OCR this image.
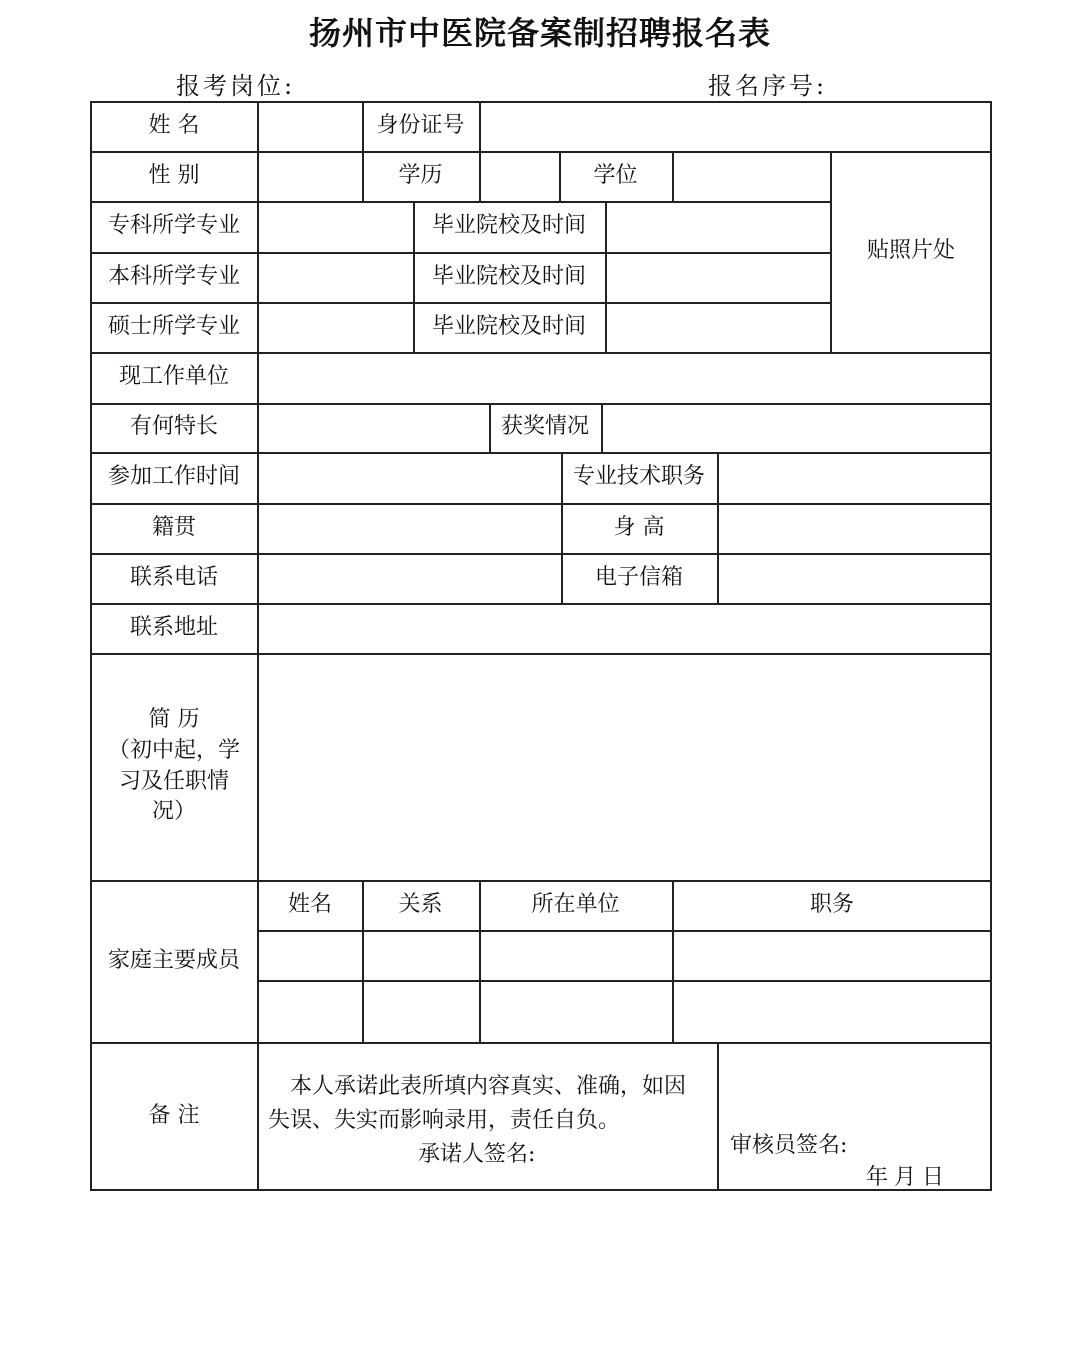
扬州市中医院备案制招聘报名表
报考岗位:	报名序号:
姓 名	身份证号
性 别	学历	学位
贴照片处
专科所学专业	毕业院校及时间
本科所学专业	毕业院校及时间
硕士所学专业	毕业院校及时间
现工作单位
有何特长	获奖情况
参加工作时间	专业技术职务
籍贯	身 高
联系电话	电子信箱
联系地址
简 历
（初中起，学
习及任职情
况）
家庭主要成员
姓名	关系	所在单位	职务
备 注
本人承诺此表所填内容真实、准确，如因
失误、失实而影响录用，责任自负。
承诺人签名:	审核员签名:
年月日
